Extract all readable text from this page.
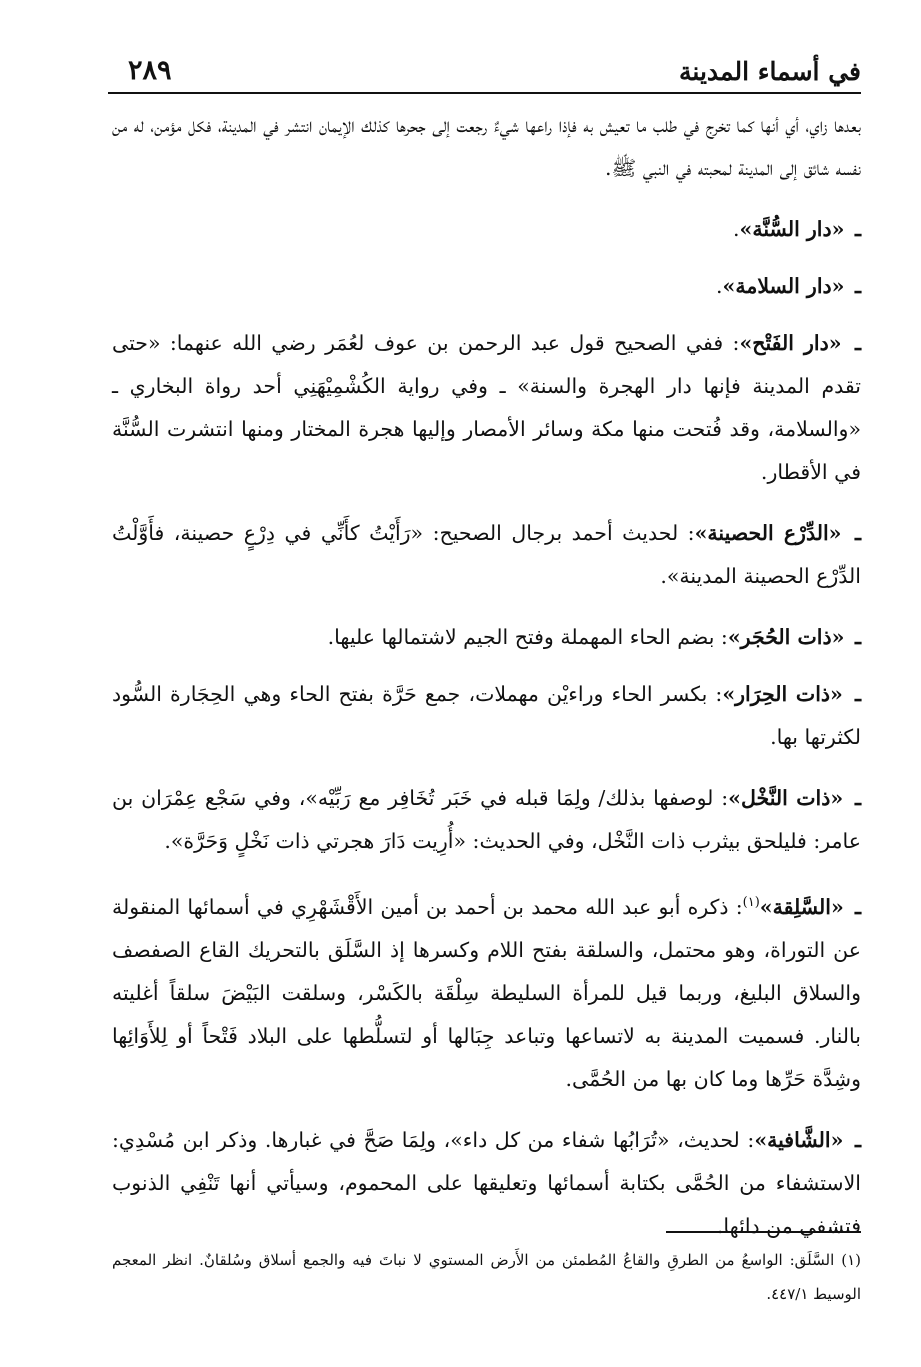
في أسماء المدينة
٢٨٩

بعدها زاي، أي أنها كما تخرج في طلب ما تعيش به فإذا راعها شيءٌ رجعت إلى جحرها كذلك الإيمان انتشر في المدينة، فكل مؤمن، له من نفسه شائق إلى المدينة لمحبته في النبي ﷺ.

ـ «دار السُّنَّة».

ـ «دار السلامة».

ـ «دار الفَتْح»: ففي الصحيح قول عبد الرحمن بن عوف لعُمَر رضي الله عنهما: «حتى تقدم المدينة فإنها دار الهجرة والسنة» ـ وفي رواية الكُشْمِيْهَنِي أحد رواة البخاري ـ «والسلامة، وقد فُتحت منها مكة وسائر الأمصار وإليها هجرة المختار ومنها انتشرت السُّنَّة في الأقطار.

ـ «الدِّرْع الحصينة»: لحديث أحمد برجال الصحيح: «رَأَيْتُ كأَنِّي في دِرْعٍ حصينة، فأَوَّلْتُ الدِّرْع الحصينة المدينة».

ـ «ذات الحُجَر»: بضم الحاء المهملة وفتح الجيم لاشتمالها عليها.

ـ «ذات الحِرَار»: بكسر الحاء وراءيْن مهملات، جمع حَرَّة بفتح الحاء وهي الحِجَارة السُّود لكثرتها بها.

ـ «ذات النَّخْل»: لوصفها بذلك/ ولِمَا قبله في خَبَر تُخَافِر مع رَبِّيْه»، وفي سَجْع عِمْرَان بن عامر: فليلحق بيثرب ذات النَّخْل، وفي الحديث: «أُرِيت دَارَ هجرتي ذات نَخْلٍ وَحَرَّة».

ـ «السَّلِقة»$^{(١)}$: ذكره أبو عبد الله محمد بن أحمد بن أمين الأَقْشَهْرِي في أسمائها المنقولة عن التوراة، وهو محتمل، والسلقة بفتح اللام وكسرها إذ السَّلَق بالتحريك القاع الصفصف والسلاق البليغ، وربما قيل للمرأة السليطة سِلْقَة بالكَسْر، وسلقت البَيْضَ سلقاً أغليته بالنار. فسميت المدينة به لاتساعها وتباعد جِبَالها أو لتسلُّطها على البلاد فَتْحاً أو لِلأَوَائِها وشِدَّة حَرِّها وما كان بها من الحُمَّى.

ـ «الشَّافية»: لحديث، «تُرَابُها شفاء من كل داء»، ولِمَا صَحَّ في غبارها. وذكر ابن مُسْدِي: الاستشفاء من الحُمَّى بكتابة أسمائها وتعليقها على المحموم، وسيأتي أنها تَنْفِي الذنوب فتشفي من دائها.

(١) السَّلَق: الواسعُ من الطرقِ والقاعُ المُطمئن من الأَرض المستوي لا نباتَ فيه والجمع أسلاق وسُلقانٌ. انظر المعجم الوسيط ٤٤٧/١.
